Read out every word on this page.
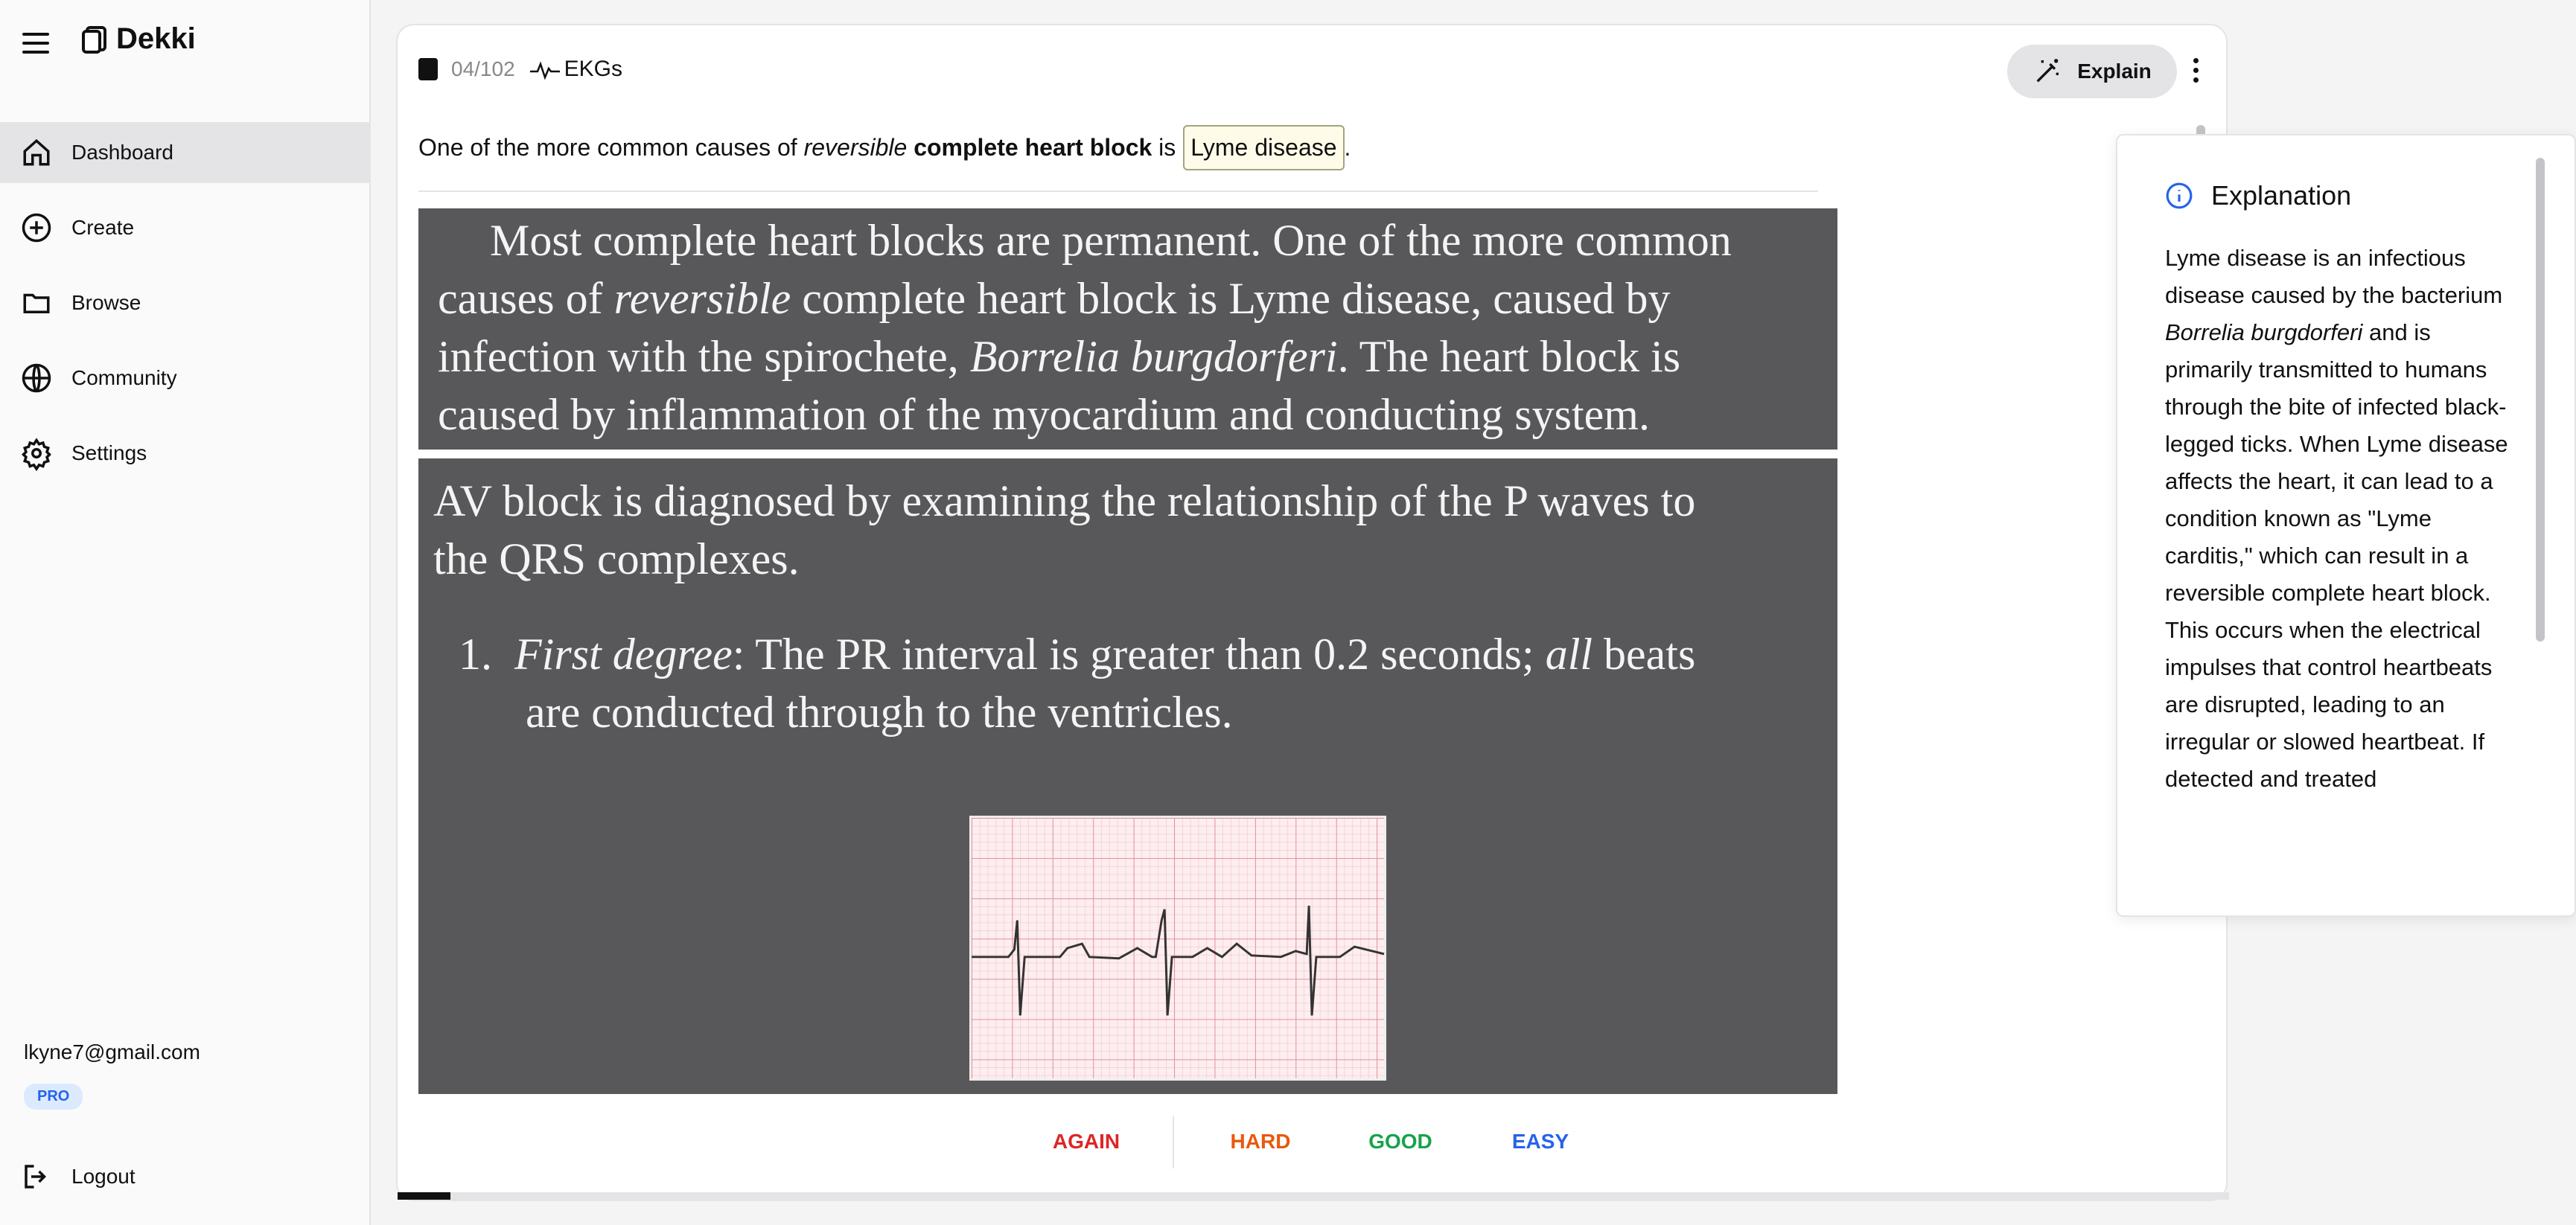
Dekki
Dashboard
Create
Browse
Community
Settings
lkyne7@gmail.com
PRO
Logout
04/102 EKGs	Explain
One of the more common causes of
reversible
complete heart block
is Lyme disease .
Most complete heart blocks are permanent. One of the more common
causes of reversible complete heart block is Lyme disease, caused by
infection with the spirochete, Borrelia burgdorferi. The heart block is
caused by inflammation of the myocardium and conducting system.
AV block is diagnosed by examining the relationship of the P waves to
the QRS complexes.
1. First degree: The PR interval is greater than 0.2 seconds; all beats
are conducted through to the ventricles.
Explanation
Lyme disease is an infectious disease caused by the bacterium Borrelia burgdorferi and is primarily transmitted to humans through the bite of infected black-legged ticks. When Lyme disease affects the heart, it can lead to a condition known as "Lyme carditis," which can result in a reversible complete heart block. This occurs when the electrical impulses that control heartbeats are disrupted, leading to an irregular or slowed heartbeat. If detected and treated
AGAIN	HARD	GOOD	EASY
